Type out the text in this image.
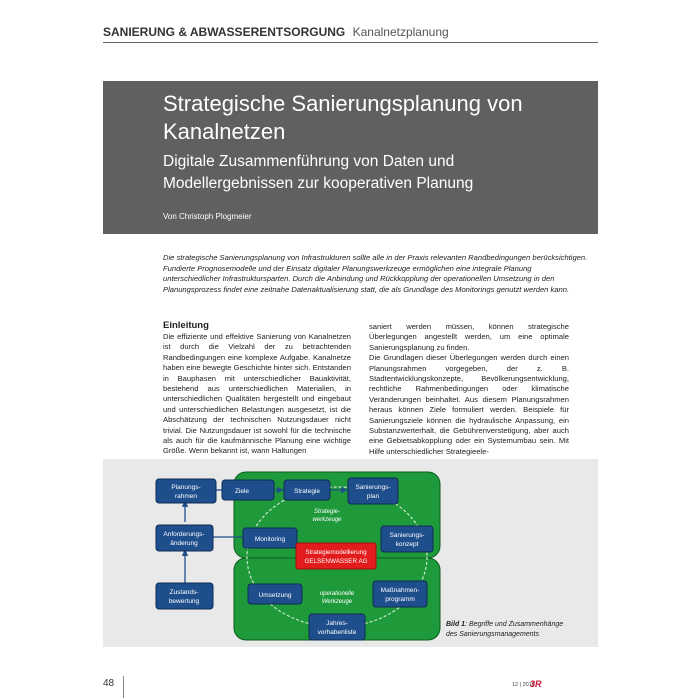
SANIERUNG & ABWASSERENTSORGUNG Kanalnetzplanung
Strategische Sanierungsplanung von Kanalnetzen
Digitale Zusammenführung von Daten und Modellergebnissen zur kooperativen Planung
Von Christoph Plogmeier
Die strategische Sanierungsplanung von Infrastrukturen sollte alle in der Praxis relevanten Randbedingungen berücksichtigen. Fundierte Prognosemodelle und der Einsatz digitaler Planungswerkzeuge ermöglichen eine integrale Planung unterschiedlicher Infrastruktursparten. Durch die Anbindung und Rückkopplung der operationellen Umsetzung in den Planungsprozess findet eine zeitnahe Datenaktualisierung statt, die als Grundlage des Monitorings genutzt werden kann.
Einleitung

Die effiziente und effektive Sanierung von Kanalnetzen ist durch die Vielzahl der zu betrachtenden Randbedingungen eine komplexe Aufgabe. Kanalnetze haben eine bewegte Geschichte hinter sich. Entstanden in Bauphasen mit unterschiedlicher Bauaktivität, bestehend aus unterschiedlichen Materialien, in unterschiedlichen Qualitäten hergestellt und eingebaut und unterschiedlichen Belastungen ausgesetzt, ist die Abschätzung der technischen Nutzungsdauer nicht trivial. Die Nutzungsdauer ist sowohl für die technische als auch für die kaufmännische Planung eine wichtige Größe. Wenn bekannt ist, wann Haltungen

saniert werden müssen, können strategische Überlegungen angestellt werden, um eine optimale Sanierungsplanung zu finden.

Die Grundlagen dieser Überlegungen werden durch einen Planungsrahmen vorgegeben, der z. B. Stadtentwicklungskonzepte, Bevölkerungsentwicklung, rechtliche Rahmenbedingungen oder klimatische Veränderungen beinhaltet. Aus diesem Planungsrahmen heraus können Ziele formuliert werden. Beispiele für Sanierungsziele können die hydraulische Anpassung, ein Substanzwerterhalt, die Gebührenverstetigung, aber auch eine Gebietsabkopplung oder ein Systemumbau sein. Mit Hilfe unterschiedlicher Strategieele-

Planungs-
rahmen
Ziele	Strategie
Sanierungs-
plan
Anforderungs-
änderung
Monitoring
Sanierungs-
konzept
Strategiemodellierung
GELSENWASSER AG
Zustands-
bewertung
Umsetzung
Maßnahmen-
programm
Jahres-
vorhabenliste
Strategie-
werkzeuge
operationelle
Werkzeuge
Bild 1: Begriffe und Zusammenhänge des Sanierungsmanagements
48	12 | 2018
3R
